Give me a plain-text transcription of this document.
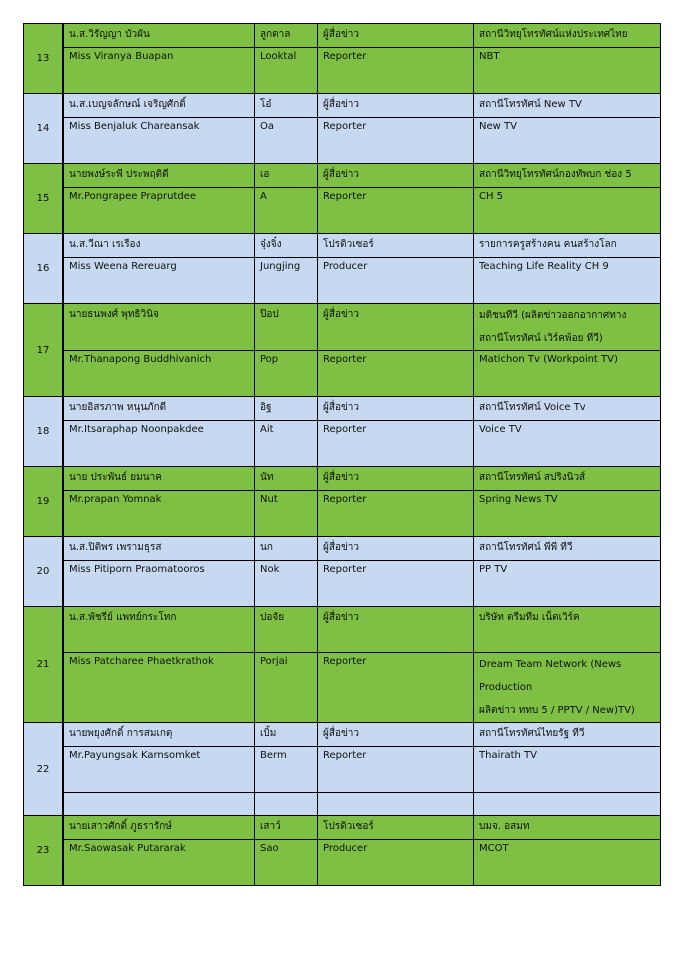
13	น.ส.วิรัญญา บัวผัน	ลูกตาล	ผู้สื่อข่าว	สถานีวิทยุโทรทัศน์แห่งประเทศไทย
	Miss Viranya Buapan	Looktal	Reporter	NBT
14	น.ส.เบญจลักษณ์ เจริญศักดิ์	โอ๋	ผู้สื่อข่าว	สถานีโทรทัศน์ New TV
	Miss Benjaluk Chareansak	Oa	Reporter	New TV
15	นายพงษ์ระพี ประพฤติดี	เอ	ผู้สื่อข่าว	สถานีวิทยุโทรทัศน์กองทัพบก ช่อง 5
	Mr.Pongrapee Praprutdee	A	Reporter	CH 5
16	น.ส.วีณา เรเรือง	จุ๋งจิ๋ง	โปรดิวเซอร์	รายการครูสร้างคน คนสร้างโลก
	Miss Weena Rereuarg	Jungjing	Producer	Teaching Life Reality CH 9
17	นายธนพงศ์ พุทธิวินิจ	ป๊อป	ผู้สื่อข่าว	มติชนทีวี (ผลิตข่าวออกอากาศทาง
สถานีโทรทัศน์ เวิร์คพ้อย ทีวี)

	Mr.Thanapong Buddhivanich	Pop	Reporter	Matichon Tv (Workpoint TV)
18	นายอิสรภาพ หนุนภักดี	อิฐ	ผู้สื่อข่าว	สถานีโทรทัศน์ Voice Tv
	Mr.Itsaraphap Noonpakdee	Ait	Reporter	Voice TV
19	นาย ประพันธ์ ยมนาค	นัท	ผู้สื่อข่าว	สถานีโทรทัศน์ สปริงนิวส์
	Mr.prapan Yomnak	Nut	Reporter	Spring News TV
20	น.ส.ปิติพร เพรามธุรส	นก	ผู้สื่อข่าว	สถานีโทรทัศน์ พีพี ทีวี
	Miss Pitiporn Praomatooros	Nok	Reporter	PP TV
21	น.ส.พัชรีย์ แพทย์กระโทก	ปอจัย	ผู้สื่อข่าว	บริษัท ดรีมทีม เน็ตเวิร์ค
	Miss Patcharee Phaetkrathok	Porjai	Reporter	Dream Team Network (News Production
ผลิตข่าว ททบ 5 / PPTV / New)TV)

22	นายพยุงศักดิ์ การสมเกตุ	เบิ้ม	ผู้สื่อข่าว	สถานีโทรทัศน์ไทยรัฐ ทีวี
	Mr.Payungsak Karnsomket	Berm	Reporter	Thairath TV

23	นายเสาวศักดิ์ ภูธรารักษ์	เสาว์	โปรดิวเซอร์	บมจ. อสมท
	Mr.Saowasak Putararak	Sao	Producer	MCOT
